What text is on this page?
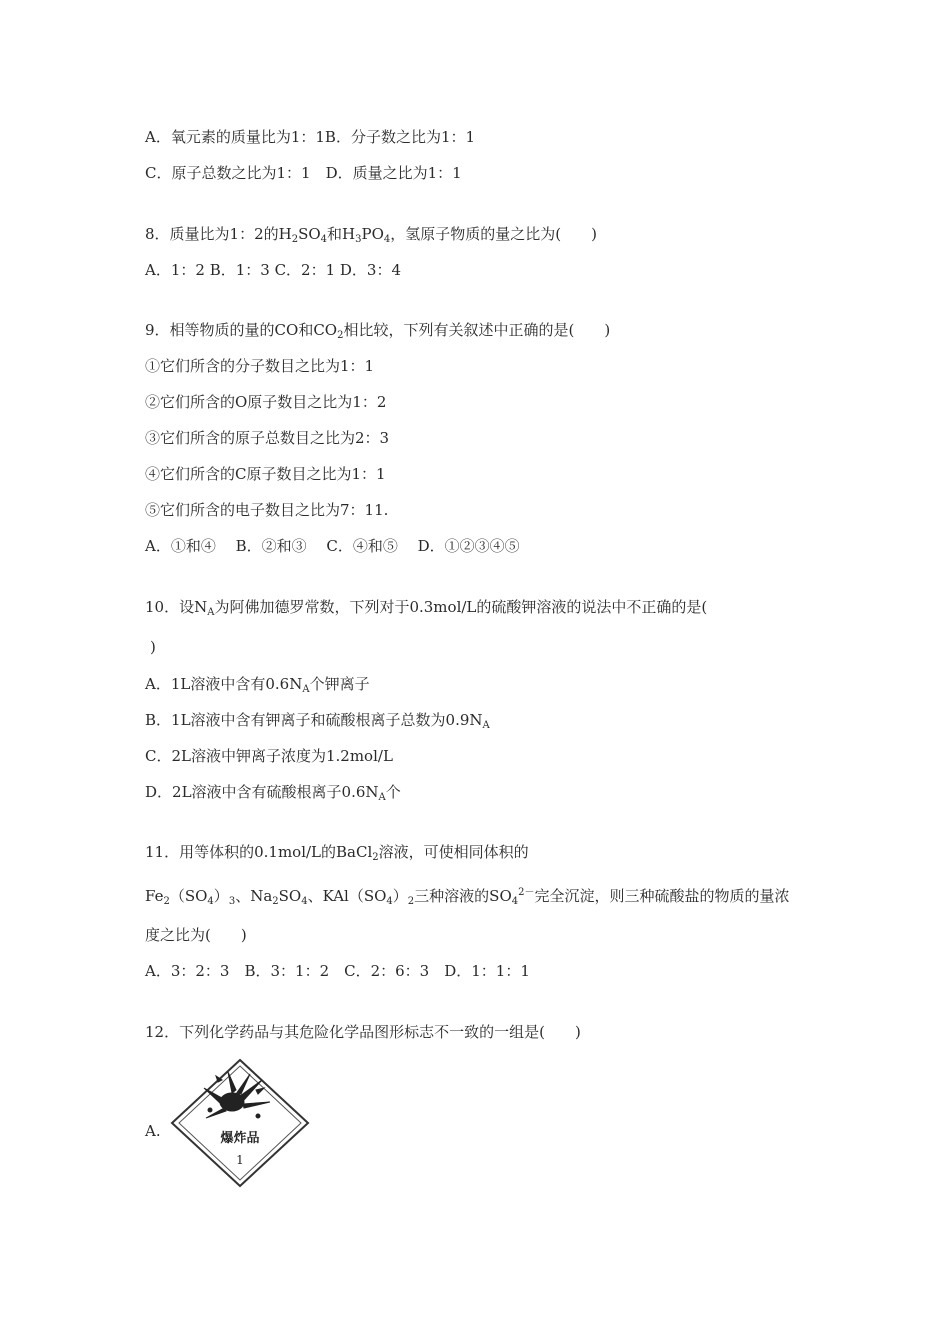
A．氧元素的质量比为1：1B．分子数之比为1：1
C．原子总数之比为1：1　 D．质量之比为1：1
8．质量比为1：2的$H_2SO_4$和$H_3PO_4$，氢原子物质的量之比为(　　)
A．1：2 B．1：3 C．2：1 D．3：4
9．相等物质的量的CO和$CO_2$相比较，下列有关叙述中正确的是(　　)
①它们所含的分子数目之比为1：1
②它们所含的O原子数目之比为1：2
③它们所含的原子总数目之比为2：3
④它们所含的C原子数目之比为1：1
⑤它们所含的电子数目之比为7：11.
A．①和④　 B．②和③　 C．④和⑤　 D．①②③④⑤
10．设$N_A$为阿佛加德罗常数，下列对于0.3mol/L的硫酸钾溶液的说法中不正确的是(
)
A．1L溶液中含有$0.6N_A$个钾离子
B．1L溶液中含有钾离子和硫酸根离子总数为$0.9N_A$
C．2L溶液中钾离子浓度为1.2mol/L
D．2L溶液中含有硫酸根离子$0.6N_A$个
11．用等体积的0.1mol/L的BaCl$_2$溶液，可使相同体积的
$Fe_2(SO_4)_3$、$Na_2SO_4$、$KAl(SO_4)_2$三种溶液的$SO_4^{2-}$完全沉淀，则三种硫酸盐的物质的量浓
度之比为(　　)
A．3：2：3　B．3：1：2　C．2：6：3　D．1：1：1
12．下列化学药品与其危险化学品图形标志不一致的一组是(　　)
A.	爆炸品
1
